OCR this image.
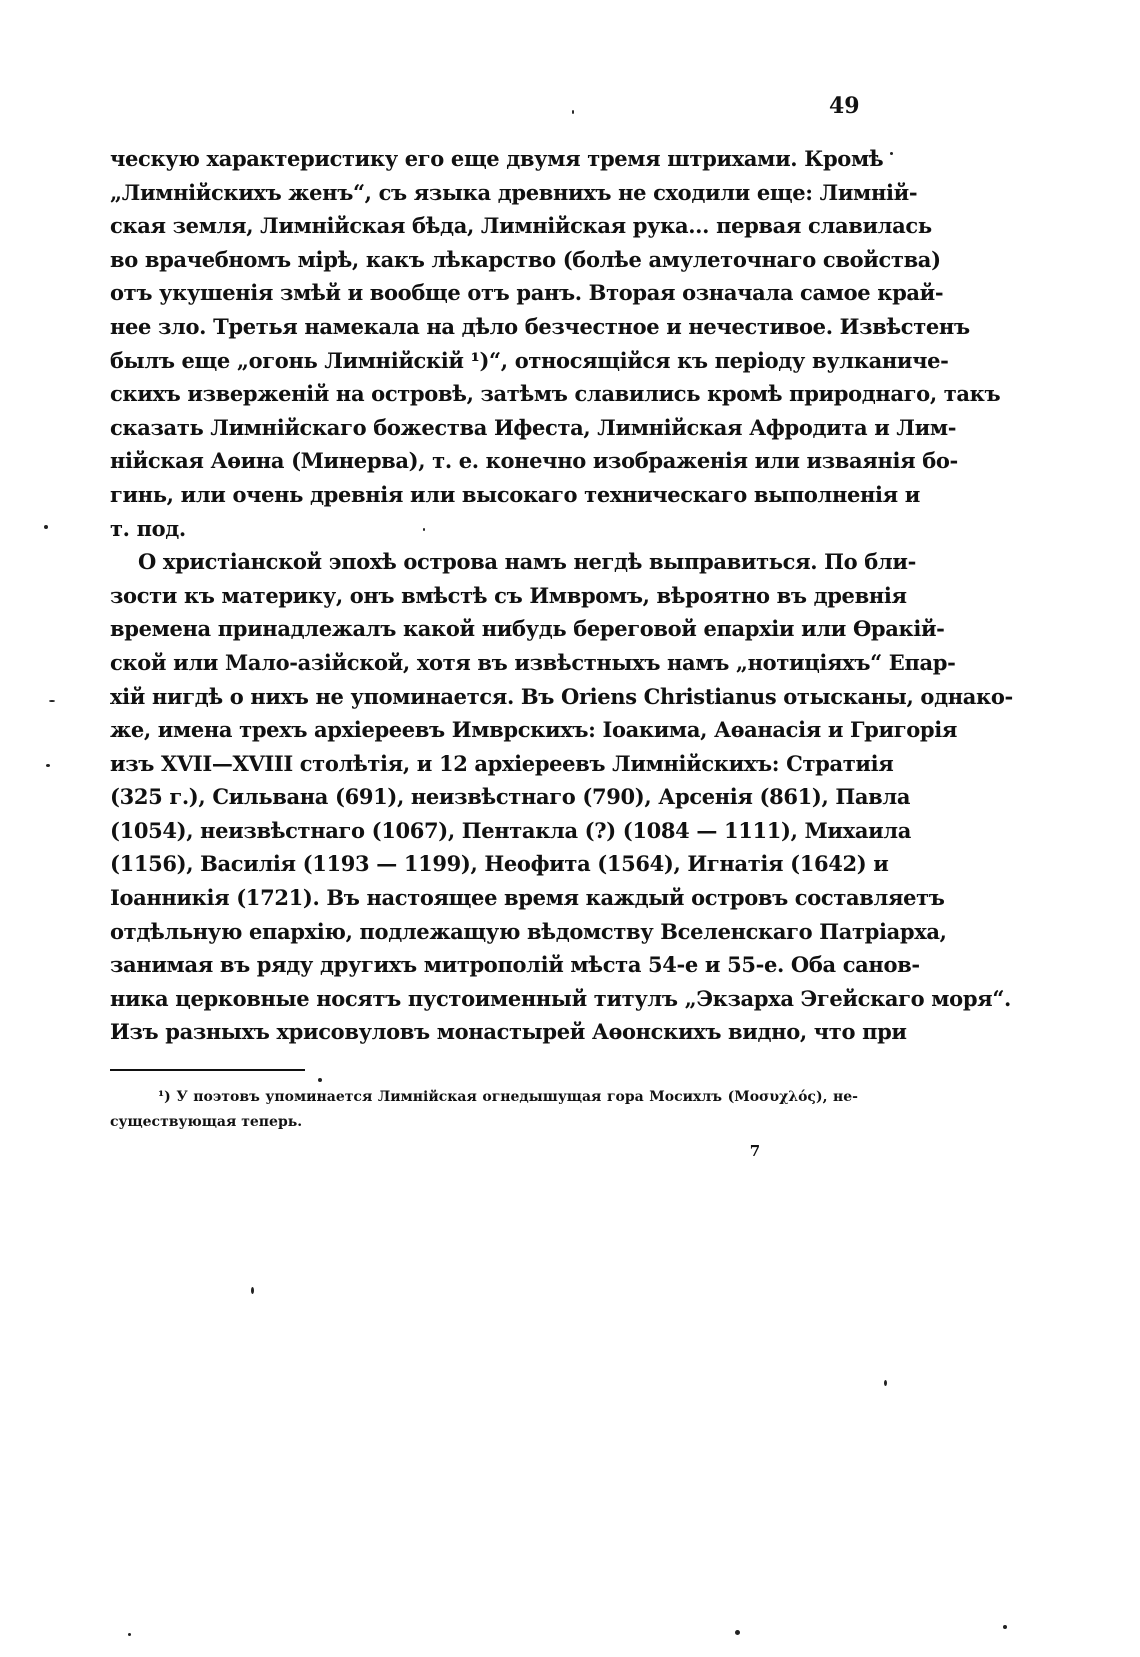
49
ческую характеристику его еще двумя тремя штрихами. Кромѣ
„Лимнійскихъ женъ“, съ языка древнихъ не сходили еще: Лимній-
ская земля, Лимнійская бѣда, Лимнійская рука... первая славилась
во врачебномъ мірѣ, какъ лѣкарство (болѣе амулеточнаго свойства)
отъ укушенія змѣй и вообще отъ ранъ. Вторая означала самое край-
нее зло. Третья намекала на дѣло безчестное и нечестивое. Извѣстенъ
былъ еще „огонь Лимнійскій ¹)“, относящійся къ періоду вулканиче-
скихъ изверженій на островѣ, затѣмъ славились кромѣ природнаго, такъ
сказать Лимнійскаго божества Ифеста, Лимнійская Афродита и Лим-
нійская Аѳина (Минерва), т. е. конечно изображенія или изваянія бо-
гинь, или очень древнія или высокаго техническаго выполненія и
т. под.
О христіанской эпохѣ острова намъ негдѣ выправиться. По бли-
зости къ материку, онъ вмѣстѣ съ Имвромъ, вѣроятно въ древнія
времена принадлежалъ какой нибудь береговой епархіи или Ѳракій-
ской или Мало-азійской, хотя въ извѣстныхъ намъ „нотиціяхъ“ Епар-
хій нигдѣ о нихъ не упоминается. Въ Oriens Christianus отысканы, однако-
же, имена трехъ архіереевъ Имврскихъ: Іоакима, Аѳанасія и Григорія
изъ XVII—XVIII столѣтія, и 12 архіереевъ Лимнійскихъ: Стратиія
(325 г.), Сильвана (691), неизвѣстнаго (790), Арсенія (861), Павла
(1054), неизвѣстнаго (1067), Пентакла (?) (1084 — 1111), Михаила
(1156), Василія (1193 — 1199), Неофита (1564), Игнатія (1642) и
Іоанникія (1721). Въ настоящее время каждый островъ составляетъ
отдѣльную епархію, подлежащую вѣдомству Вселенскаго Патріарха,
занимая въ ряду другихъ митрополій мѣста 54-е и 55-е. Оба санов-
ника церковные носятъ пустоименный титулъ „Экзарха Эгейскаго моря“.
Изъ разныхъ хрисовуловъ монастырей Аѳонскихъ видно, что при
¹) У поэтовъ упоминается Лимнійская огнедышущая гора Мосихлъ (Μοσυχλός), не-
существующая теперь.
7
